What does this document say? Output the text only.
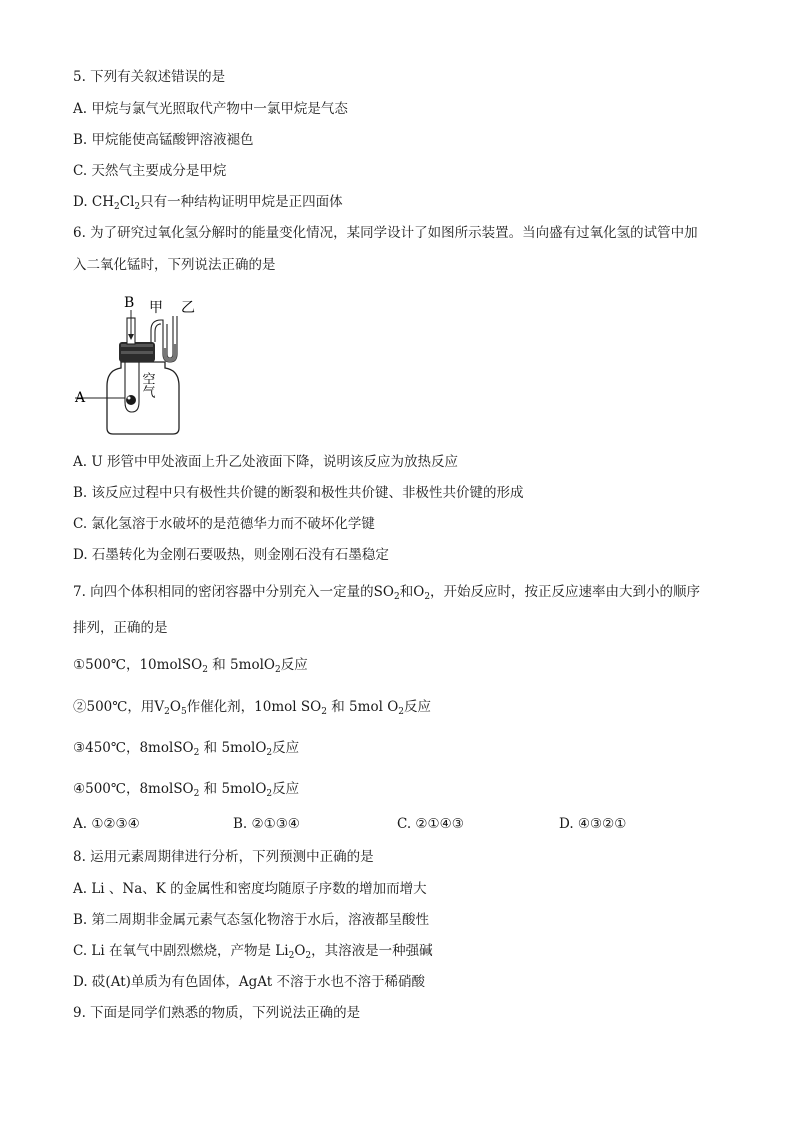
5. 下列有关叙述错误的是
A. 甲烷与氯气光照取代产物中一氯甲烷是气态
B. 甲烷能使高锰酸钾溶液褪色
C. 天然气主要成分是甲烷
D. $CH_2Cl_2$只有一种结构证明甲烷是正四面体
6. 为了研究过氧化氢分解时的能量变化情况，某同学设计了如图所示装置。当向盛有过氧化氢的试管中加
入二氧化锰时，下列说法正确的是
B 甲 乙
A	空气
A. U 形管中甲处液面上升乙处液面下降，说明该反应为放热反应
B. 该反应过程中只有极性共价键的断裂和极性共价键、非极性共价键的形成
C. 氯化氢溶于水破坏的是范德华力而不破坏化学键
D. 石墨转化为金刚石要吸热，则金刚石没有石墨稳定
7. 向四个体积相同的密闭容器中分别充入一定量的$SO_2$和$O_2$，开始反应时，按正反应速率由大到小的顺序
排列，正确的是
①500℃，10molSO$_2$ 和 5molO$_2$反应
②500℃，用$V_2O_5$作催化剂，10mol $SO_2$ 和 5mol $O_2$反应
③450℃，8molSO$_2$ 和 5molO$_2$反应
④500℃，8molSO$_2$ 和 5molO$_2$反应
A. ①②③④	B. ②①③④	C. ②①④③	D. ④③②①
8. 运用元素周期律进行分析，下列预测中正确的是
A. Li 、Na、K 的金属性和密度均随原子序数的增加而增大
B. 第二周期非金属元素气态氢化物溶于水后，溶液都呈酸性
C. Li 在氧气中剧烈燃烧，产物是 $Li_2O_2$，其溶液是一种强碱
D. 砹(At)单质为有色固体，AgAt 不溶于水也不溶于稀硝酸
9. 下面是同学们熟悉的物质，下列说法正确的是
